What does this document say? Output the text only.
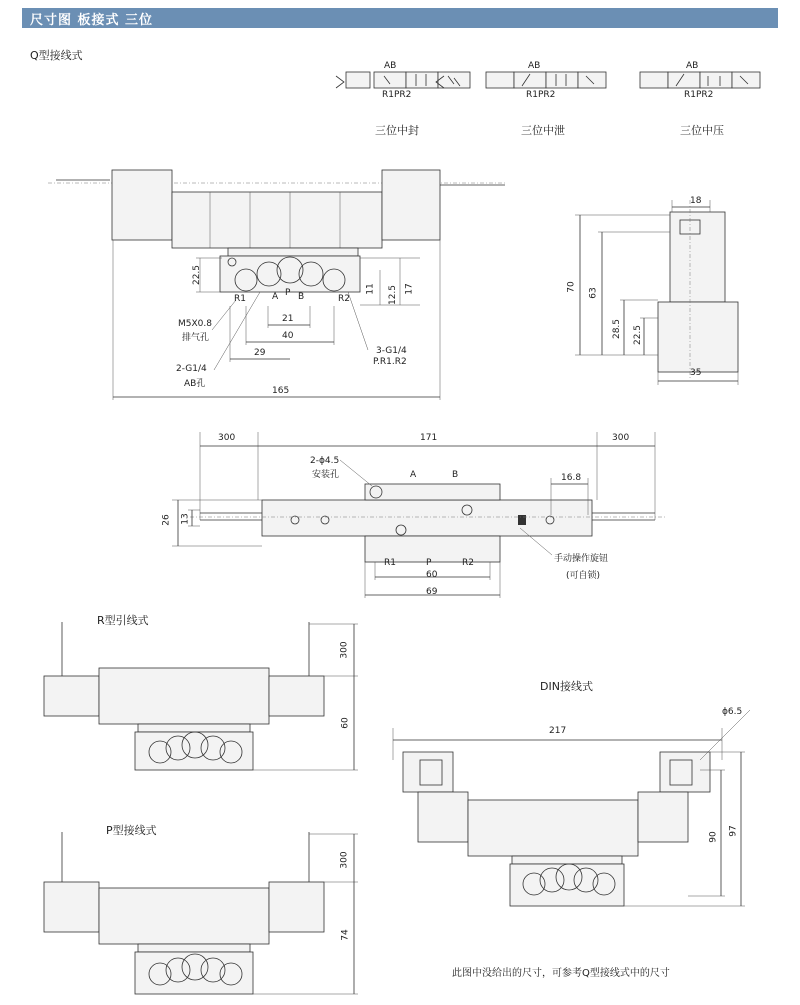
尺寸图 板接式 三位
Q型接线式
AB
R1PR2
三位中封
AB
R1PR2
三位中泄
AB
R1PR2
三位中压
22.5
11 12.5 17
R1	A P B	R2
21
40
29
M5X0.8
排气孔
2-G1/4
AB孔
3-G1/4
P.R1.R2
165
18
70
63
28.5 22.5
35
300	171	300
2-ϕ4.5
安装孔	A	B	16.8
26 13
R1	P	R2
60
69
手动操作旋钮
(可自锁)
R型引线式
300
60
P型接线式
300
74
DIN接线式
217
ϕ6.5
90
97
此图中没给出的尺寸，可参考Q型接线式中的尺寸
